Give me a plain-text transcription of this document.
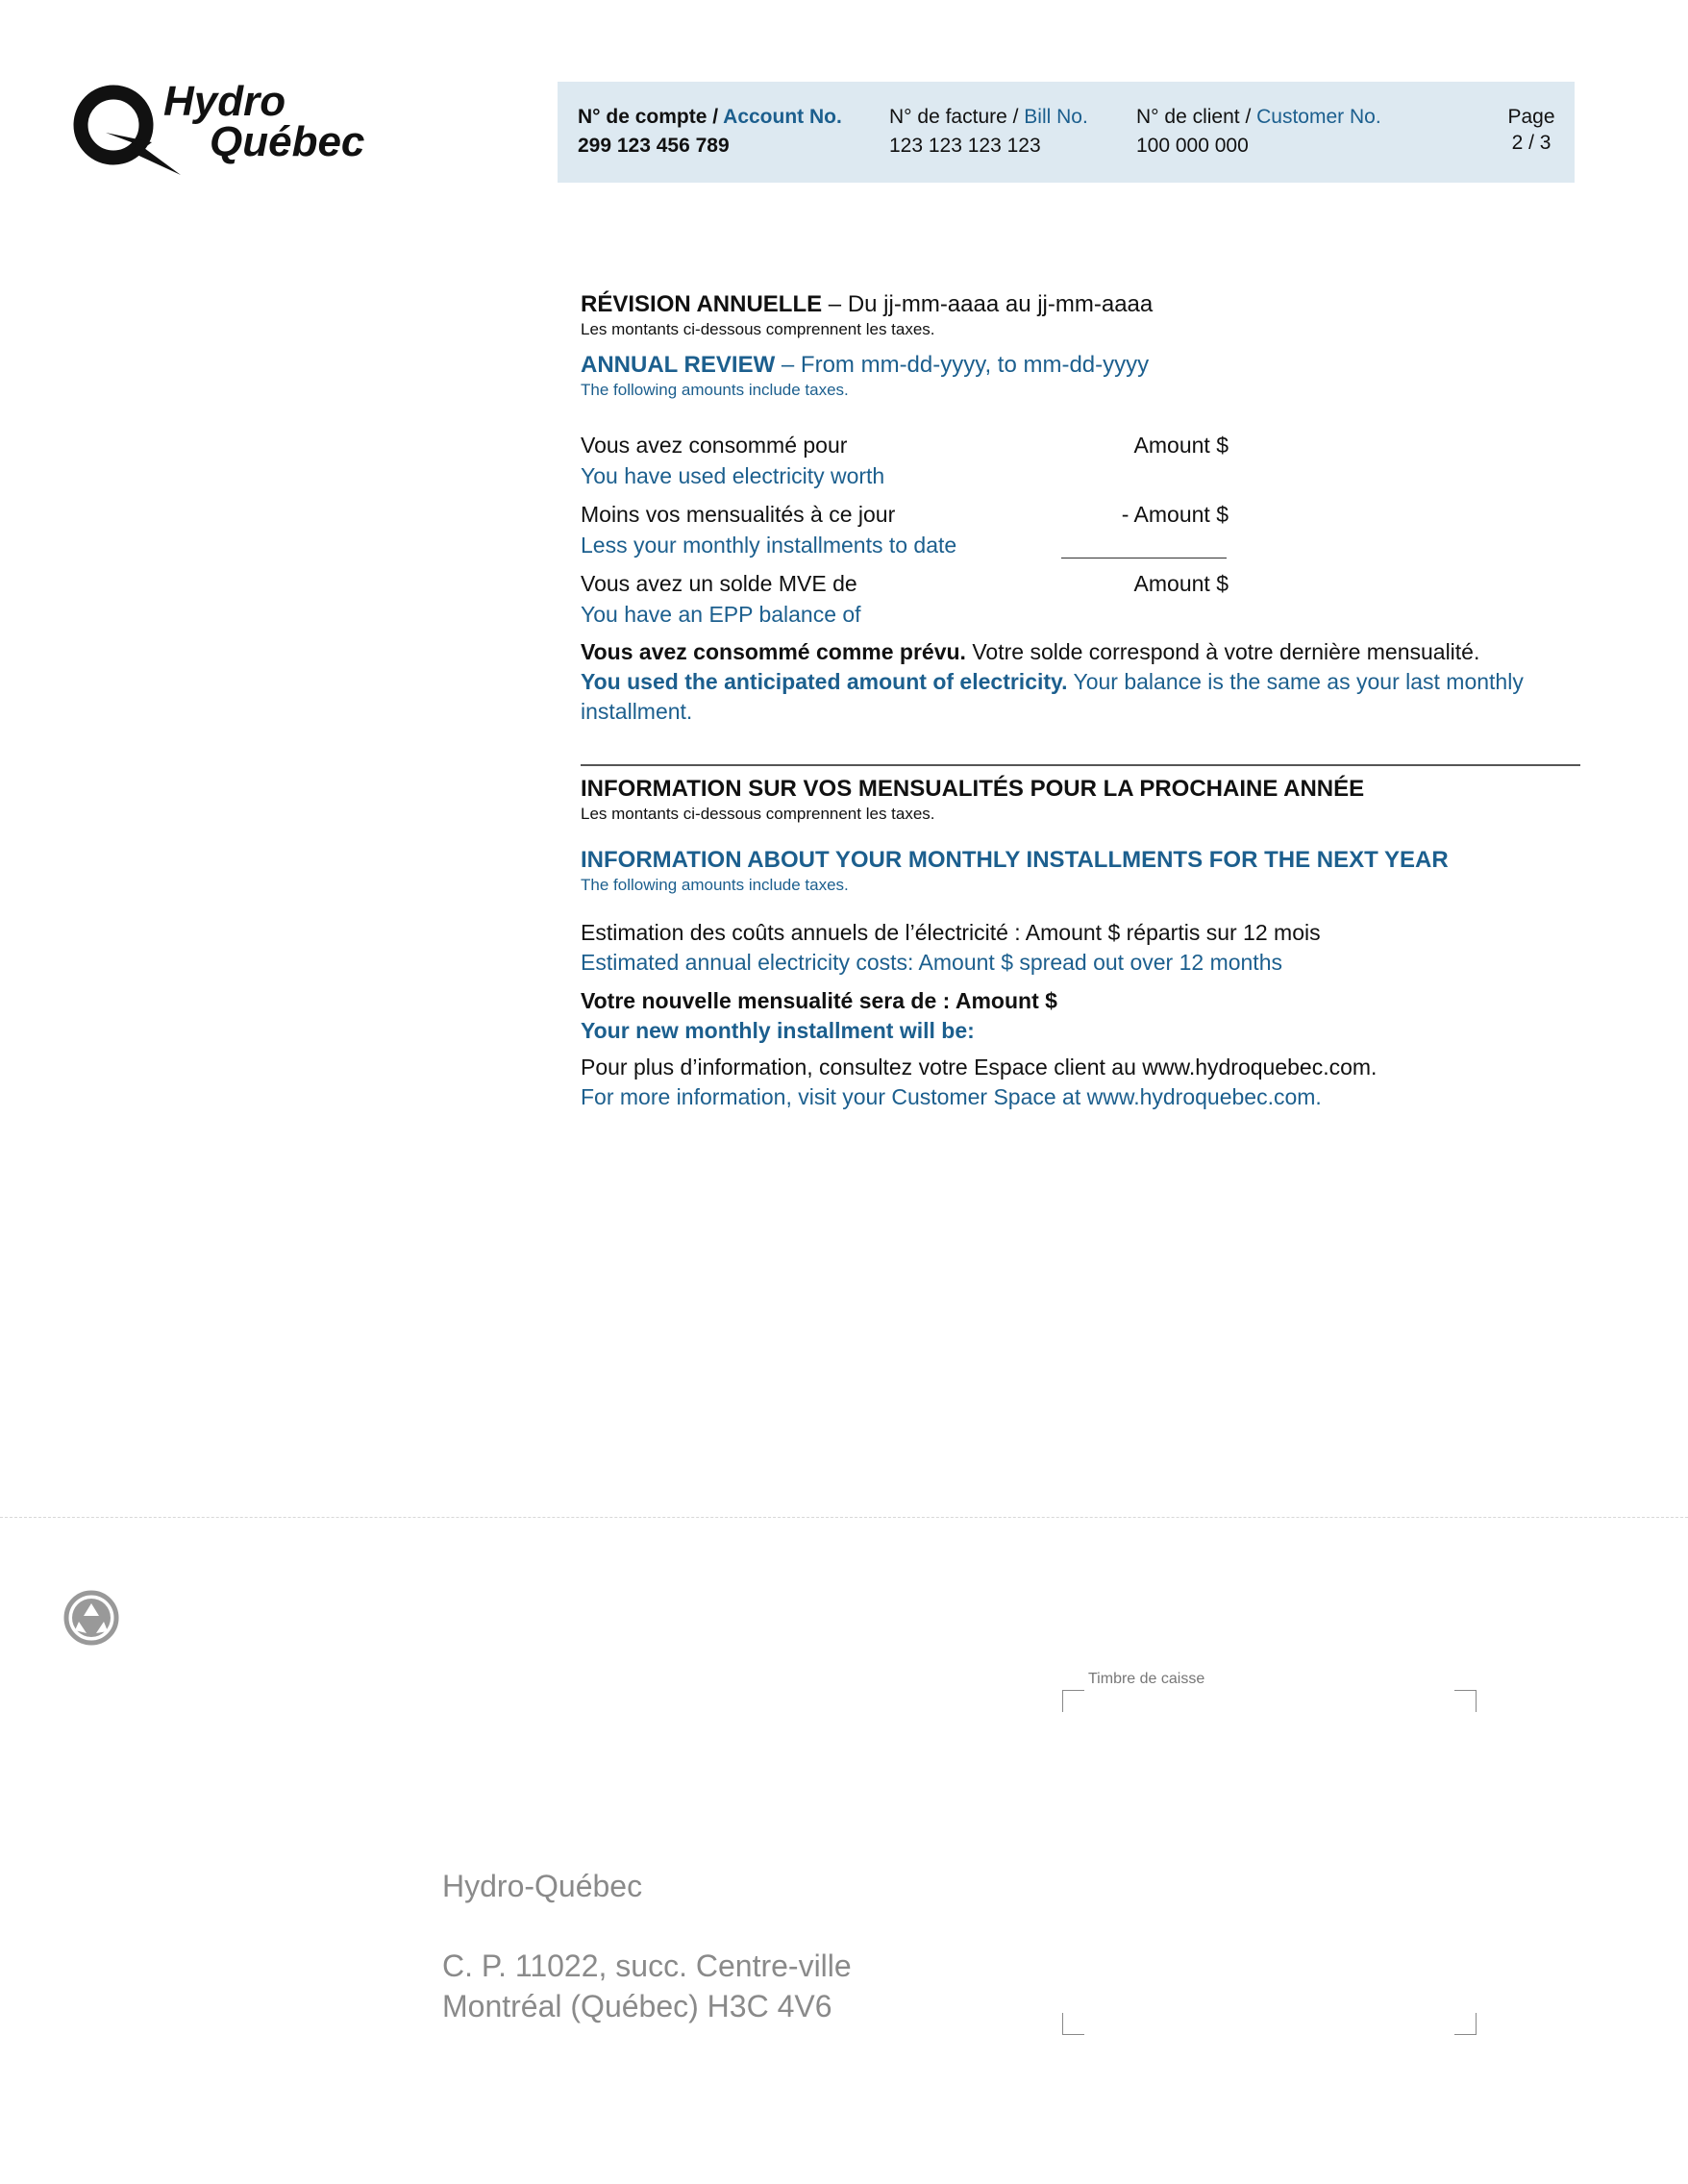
Hydro
Québec
N° de compte / Account No.
299 123 456 789
N° de facture / Bill No.
123 123 123 123
N° de client / Customer No.
100 000 000
Page
2 / 3
RÉVISION ANNUELLE – Du jj-mm-aaaa au jj-mm-aaaa
Les montants ci-dessous comprennent les taxes.
ANNUAL REVIEW – From mm-dd-yyyy, to mm-dd-yyyy
The following amounts include taxes.
Vous avez consommé pour
You have used electricity worth
Amount $
Moins vos mensualités à ce jour
Less your monthly installments to date
- Amount $
Vous avez un solde MVE de
You have an EPP balance of
Amount $
Vous avez consommé comme prévu. Votre solde correspond à votre dernière mensualité.
You used the anticipated amount of electricity. Your balance is the same as your last monthly installment.
INFORMATION SUR VOS MENSUALITÉS POUR LA PROCHAINE ANNÉE
Les montants ci-dessous comprennent les taxes.
INFORMATION ABOUT YOUR MONTHLY INSTALLMENTS FOR THE NEXT YEAR
The following amounts include taxes.
Estimation des coûts annuels de l’électricité : Amount $ répartis sur 12 mois
Estimated annual electricity costs: Amount $ spread out over 12 months
Votre nouvelle mensualité sera de : Amount $
Your new monthly installment will be:
Pour plus d’information, consultez votre Espace client au www.hydroquebec.com.
For more information, visit your Customer Space at www.hydroquebec.com.
Timbre de caisse
Hydro-Québec
C. P. 11022, succ. Centre-ville
Montréal (Québec) H3C 4V6
